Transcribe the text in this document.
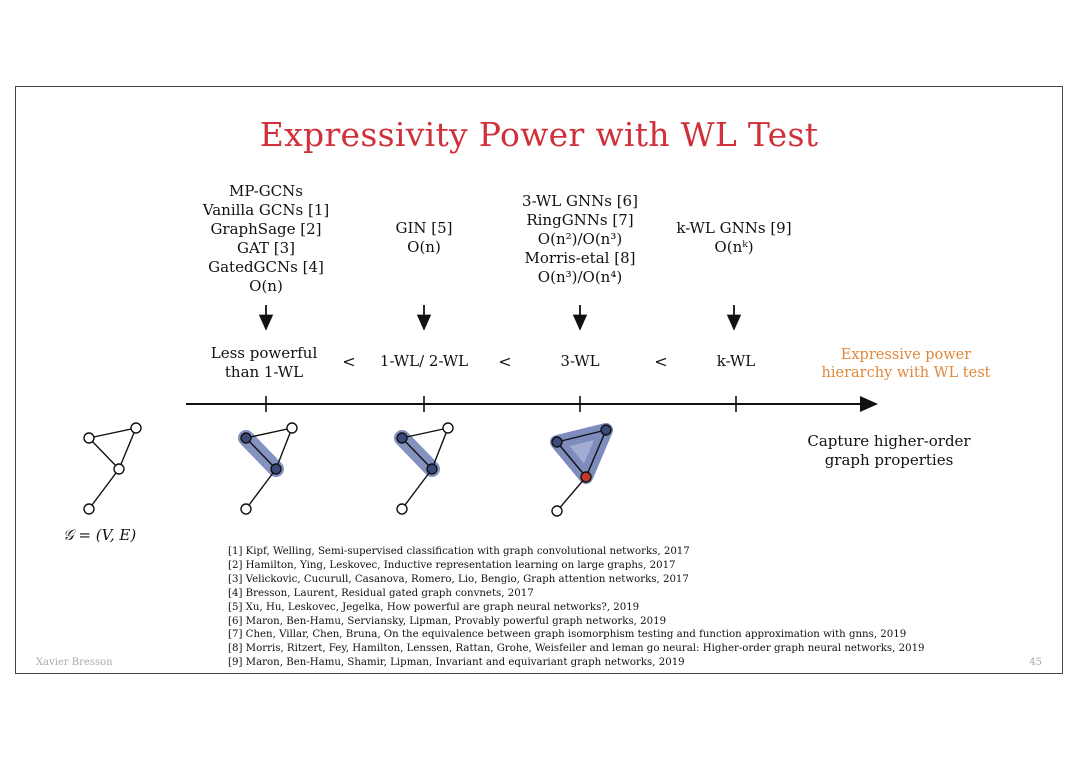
Expressivity Power with WL Test
MP-GCNs
Vanilla GCNs [1]
GraphSage [2]
GAT [3]
GatedGCNs [4]
O(n)
GIN [5]
O(n)
3-WL GNNs [6]
RingGNNs [7]
O(n²)/O(n³)
Morris-etal [8]
O(n³)/O(n⁴)
k-WL GNNs [9]
O(nᵏ)
Less powerful
than 1-WL
1-WL/ 2-WL	3-WL	k-WL
<	<	<	Expressive power
hierarchy with WL test
Capture higher-order
graph properties
𝒢 = (V, E)
[1] Kipf, Welling, Semi-supervised classification with graph convolutional networks, 2017
[2] Hamilton, Ying, Leskovec, Inductive representation learning on large graphs, 2017
[3] Velickovic, Cucurull, Casanova, Romero, Lio, Bengio, Graph attention networks, 2017
[4] Bresson, Laurent, Residual gated graph convnets, 2017
[5] Xu, Hu, Leskovec, Jegelka, How powerful are graph neural networks?, 2019
[6] Maron, Ben-Hamu, Serviansky, Lipman, Provably powerful graph networks, 2019
[7] Chen, Villar, Chen, Bruna, On the equivalence between graph isomorphism testing and function approximation with gnns, 2019
[8] Morris, Ritzert, Fey, Hamilton, Lenssen, Rattan, Grohe, Weisfeiler and leman go neural: Higher-order graph neural networks, 2019
[9] Maron, Ben-Hamu, Shamir, Lipman, Invariant and equivariant graph networks, 2019
Xavier Bresson	45
